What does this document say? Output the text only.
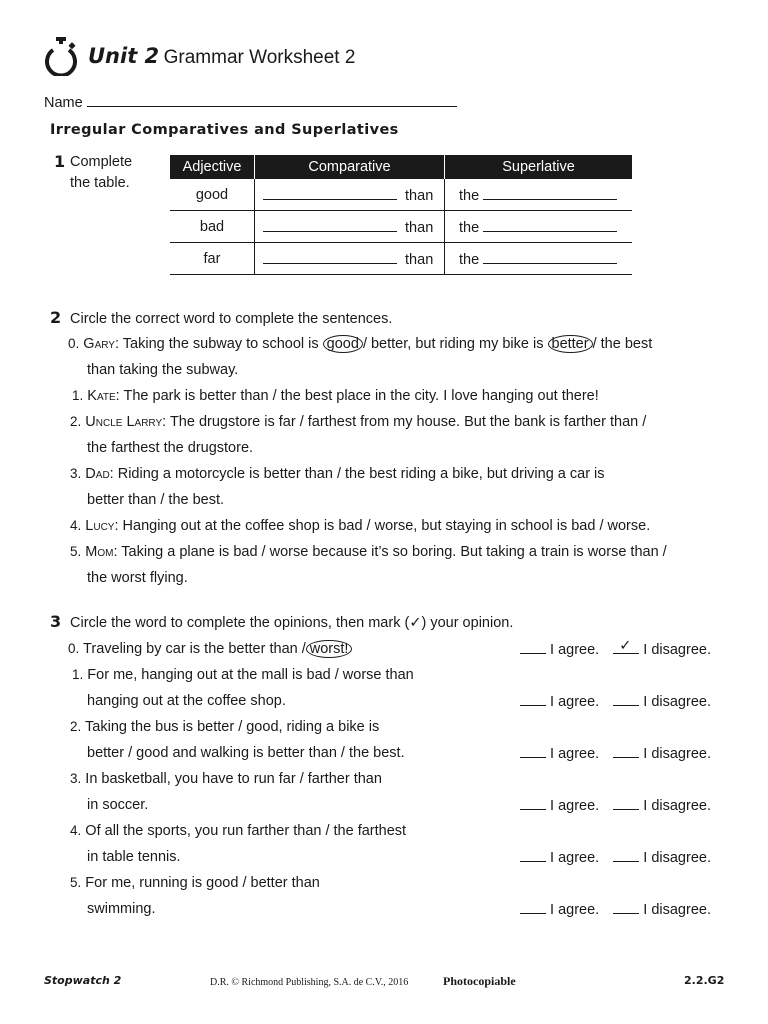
Unit 2 Grammar Worksheet 2
Name
Irregular Comparatives and Superlatives
1 Complete
the table.
Adjective	Comparative	Superlative
good	than	the
bad	than	the
far	than	the
2 Circle the correct word to complete the sentences.
0. Gary: Taking the subway to school is good / better, but riding my bike is better / the best
than taking the subway.
1. Kate: The park is better than / the best place in the city. I love hanging out there!
2. Uncle Larry: The drugstore is far / farthest from my house. But the bank is farther than /
the farthest the drugstore.
3. Dad: Riding a motorcycle is better than / the best riding a bike, but driving a car is
better than / the best.
4. Lucy: Hanging out at the coffee shop is bad / worse, but staying in school is bad / worse.
5. Mom: Taking a plane is bad / worse because it’s so boring. But taking a train is worse than /
the worst flying.
3 Circle the word to complete the opinions, then mark (✓) your opinion.
0. Traveling by car is the better than / worst!	I agree. ✓ I disagree.
1. For me, hanging out at the mall is bad / worse than
hanging out at the coffee shop.	I agree.	I disagree.
2. Taking the bus is better / good, riding a bike is
better / good and walking is better than / the best.	I agree.	I disagree.
3. In basketball, you have to run far / farther than
in soccer.	I agree.	I disagree.
4. Of all the sports, you run farther than / the farthest
in table tennis.	I agree.	I disagree.
5. For me, running is good / better than
swimming.	I agree.	I disagree.
Stopwatch 2	D.R. © Richmond Publishing, S.A. de C.V., 2016	Photocopiable	2.2.G2
